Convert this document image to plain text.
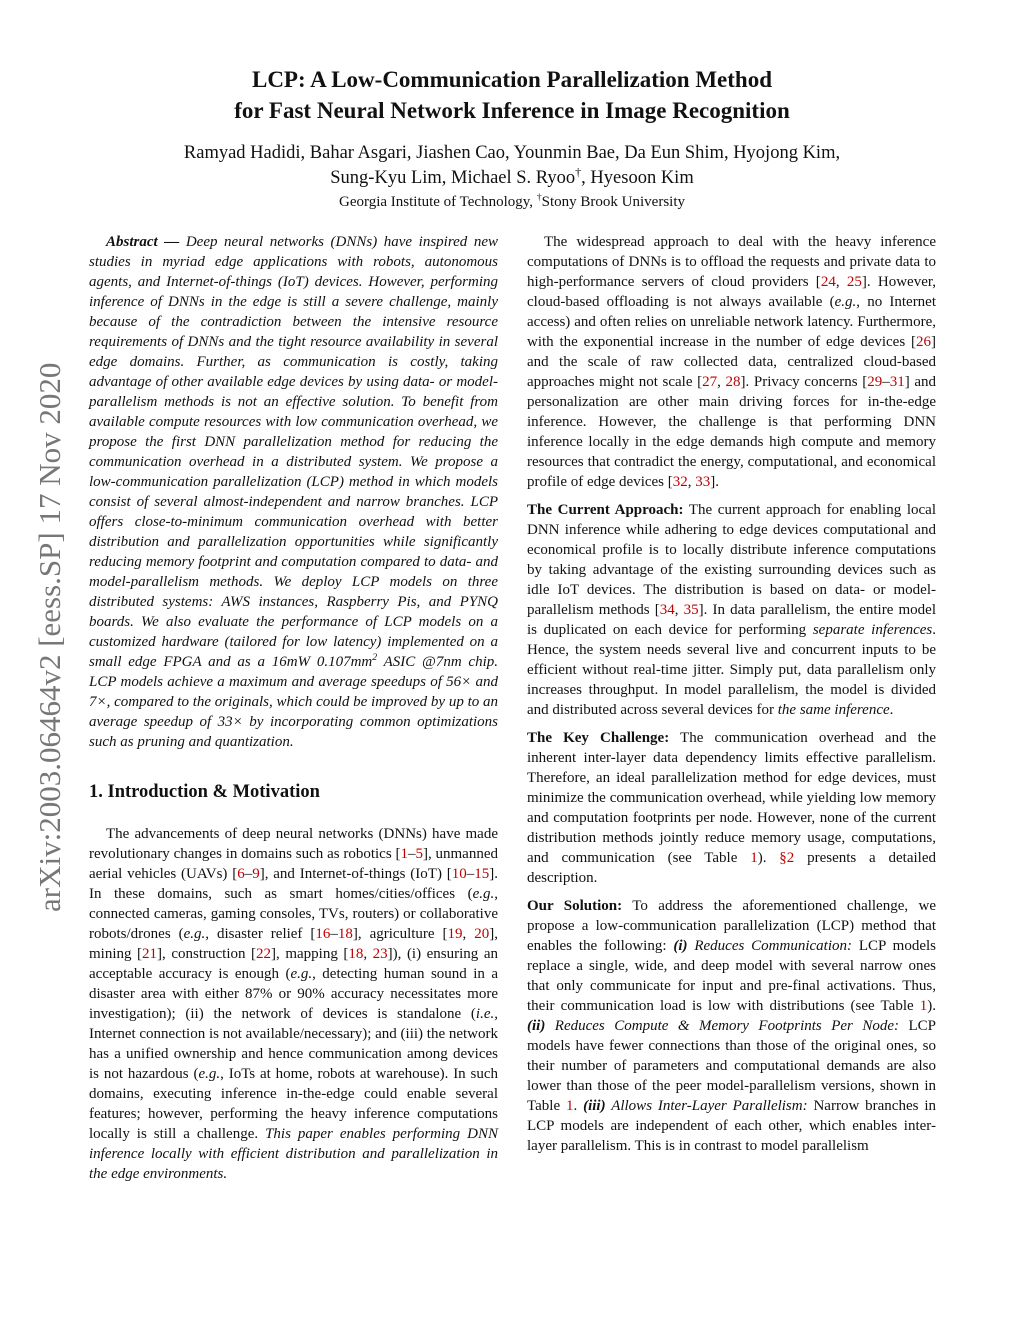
LCP: A Low-Communication Parallelization Method
for Fast Neural Network Inference in Image Recognition
Ramyad Hadidi, Bahar Asgari, Jiashen Cao, Younmin Bae, Da Eun Shim, Hyojong Kim,
Sung-Kyu Lim, Michael S. Ryoo†, Hyesoon Kim
Georgia Institute of Technology, †Stony Brook University
arXiv:2003.06464v2 [eess.SP] 17 Nov 2020

Abstract — Deep neural networks (DNNs) have inspired new studies in myriad edge applications with robots, autonomous agents, and Internet-of-things (IoT) devices. However, performing inference of DNNs in the edge is still a severe challenge, mainly because of the contradiction between the intensive resource requirements of DNNs and the tight resource availability in several edge domains. Further, as communication is costly, taking advantage of other available edge devices by using data- or model-parallelism methods is not an effective solution. To benefit from available compute resources with low communication overhead, we propose the first DNN parallelization method for reducing the communication overhead in a distributed system. We propose a low-communication parallelization (LCP) method in which models consist of several almost-independent and narrow branches. LCP offers close-to-minimum communication overhead with better distribution and parallelization opportunities while significantly reducing memory footprint and computation compared to data- and model-parallelism methods. We deploy LCP models on three distributed systems: AWS instances, Raspberry Pis, and PYNQ boards. We also evaluate the performance of LCP models on a customized hardware (tailored for low latency) implemented on a small edge FPGA and as a 16mW $0.107mm^2$ ASIC @7nm chip. LCP models achieve a maximum and average speedups of 56× and 7×, compared to the originals, which could be improved by up to an average speedup of 33× by incorporating common optimizations such as pruning and quantization.

1. Introduction & Motivation

The advancements of deep neural networks (DNNs) have made revolutionary changes in domains such as robotics [1–5], unmanned aerial vehicles (UAVs) [6–9], and Internet-of-things (IoT) [10–15]. In these domains, such as smart homes/cities/offices (e.g., connected cameras, gaming consoles, TVs, routers) or collaborative robots/drones (e.g., disaster relief [16–18], agriculture [19, 20], mining [21], construction [22], mapping [18, 23]), (i) ensuring an acceptable accuracy is enough (e.g., detecting human sound in a disaster area with either 87% or 90% accuracy necessitates more investigation); (ii) the network of devices is standalone (i.e., Internet connection is not available/necessary); and (iii) the network has a unified ownership and hence communication among devices is not hazardous (e.g., IoTs at home, robots at warehouse). In such domains, executing inference in-the-edge could enable several features; however, performing the heavy inference computations locally is still a challenge. This paper enables performing DNN inference locally with efficient distribution and parallelization in the edge environments.

The widespread approach to deal with the heavy inference computations of DNNs is to offload the requests and private data to high-performance servers of cloud providers [24, 25]. However, cloud-based offloading is not always available (e.g., no Internet access) and often relies on unreliable network latency. Furthermore, with the exponential increase in the number of edge devices [26] and the scale of raw collected data, centralized cloud-based approaches might not scale [27, 28]. Privacy concerns [29–31] and personalization are other main driving forces for in-the-edge inference. However, the challenge is that performing DNN inference locally in the edge demands high compute and memory resources that contradict the energy, computational, and economical profile of edge devices [32, 33].

The Current Approach: The current approach for enabling local DNN inference while adhering to edge devices computational and economical profile is to locally distribute inference computations by taking advantage of the existing surrounding devices such as idle IoT devices. The distribution is based on data- or model-parallelism methods [34, 35]. In data parallelism, the entire model is duplicated on each device for performing separate inferences. Hence, the system needs several live and concurrent inputs to be efficient without real-time jitter. Simply put, data parallelism only increases throughput. In model parallelism, the model is divided and distributed across several devices for the same inference.

The Key Challenge: The communication overhead and the inherent inter-layer data dependency limits effective parallelism. Therefore, an ideal parallelization method for edge devices, must minimize the communication overhead, while yielding low memory and computation footprints per node. However, none of the current distribution methods jointly reduce memory usage, computations, and communication (see Table 1). §2 presents a detailed description.

Our Solution: To address the aforementioned challenge, we propose a low-communication parallelization (LCP) method that enables the following: (i) Reduces Communication: LCP models replace a single, wide, and deep model with several narrow ones that only communicate for input and pre-final activations. Thus, their communication load is low with distributions (see Table 1). (ii) Reduces Compute & Memory Footprints Per Node: LCP models have fewer connections than those of the original ones, so their number of parameters and computational demands are also lower than those of the peer model-parallelism versions, shown in Table 1. (iii) Allows Inter-Layer Parallelism: Narrow branches in LCP models are independent of each other, which enables inter-layer parallelism. This is in contrast to model parallelism
